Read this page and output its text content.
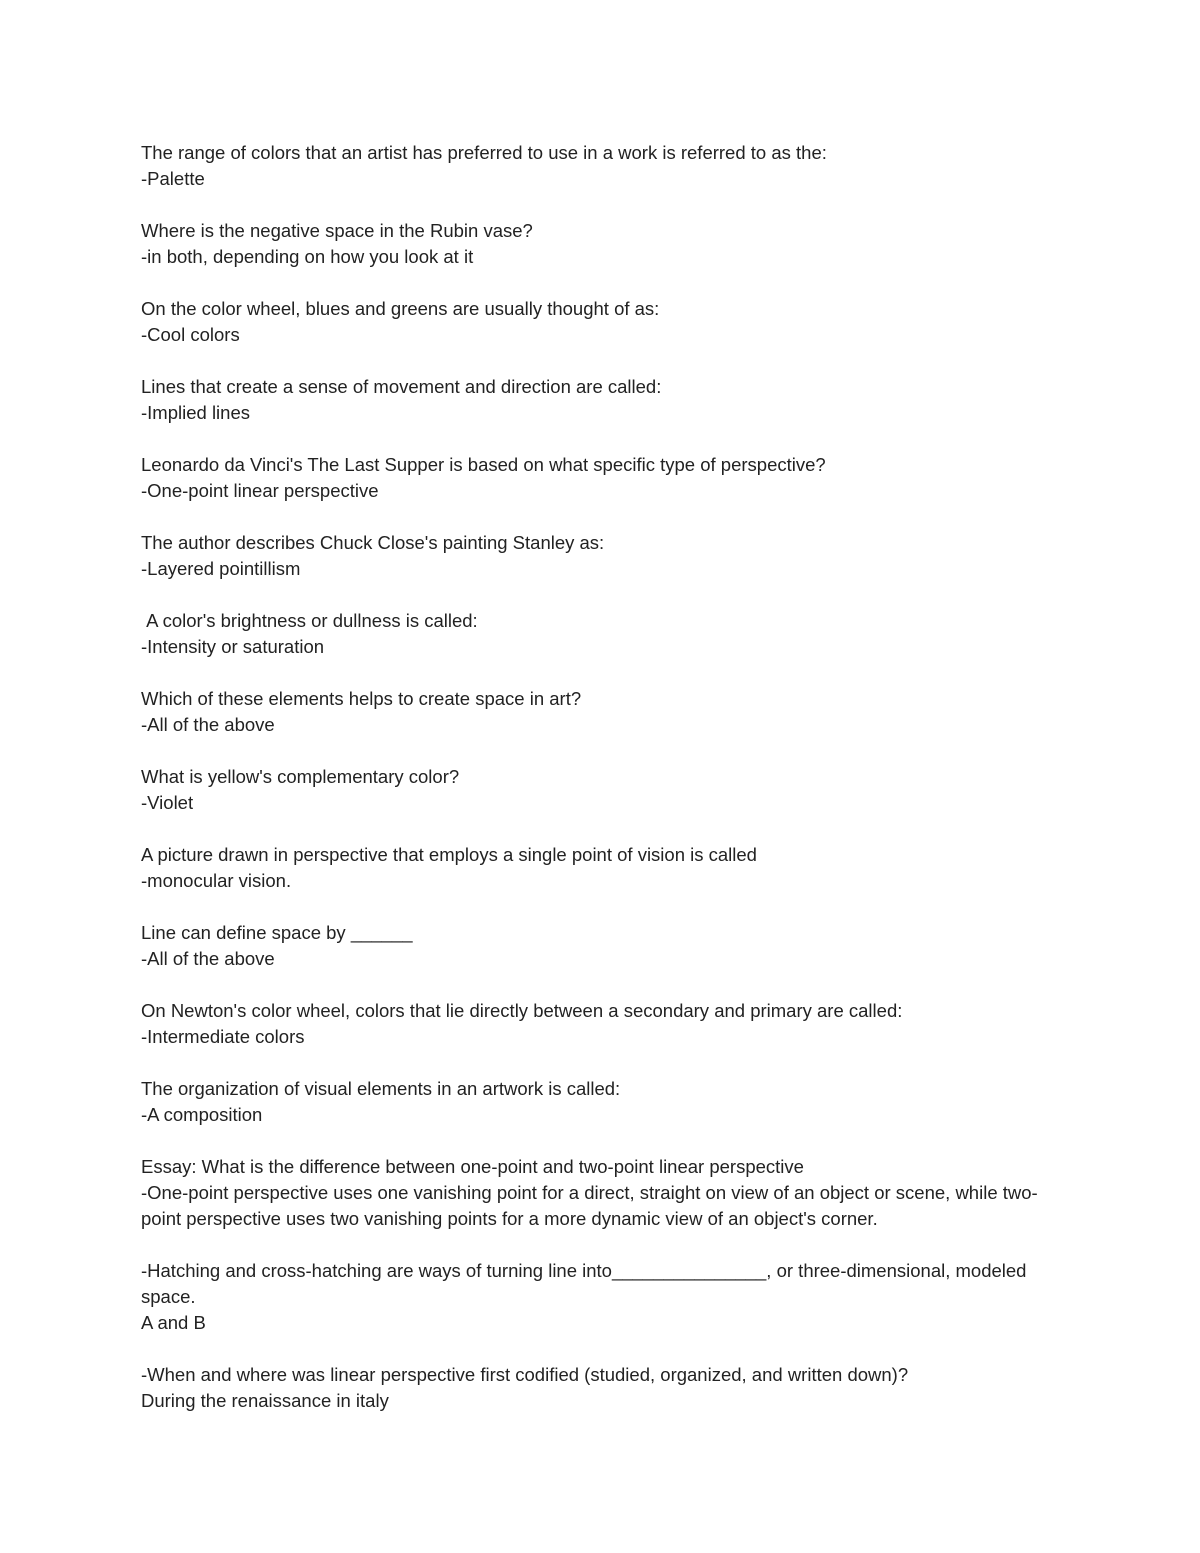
The range of colors that an artist has preferred to use in a work is referred to as the:
-Palette
Where is the negative space in the Rubin vase?
-in both, depending on how you look at it
On the color wheel, blues and greens are usually thought of as:
-Cool colors
Lines that create a sense of movement and direction are called:
-Implied lines
Leonardo da Vinci's The Last Supper is based on what specific type of perspective?
-One-point linear perspective
The author describes Chuck Close's painting Stanley as:
-Layered pointillism
A color's brightness or dullness is called:
-Intensity or saturation
Which of these elements helps to create space in art?
-All of the above
What is yellow's complementary color?
-Violet
A picture drawn in perspective that employs a single point of vision is called
-monocular vision.
Line can define space by ______
-All of the above
On Newton's color wheel, colors that lie directly between a secondary and primary are called:
-Intermediate colors
The organization of visual elements in an artwork is called:
-A composition
Essay: What is the difference between one-point and two-point linear perspective
-One-point perspective uses one vanishing point for a direct, straight on view of an object or scene, while two-point perspective uses two vanishing points for a more dynamic view of an object's corner.
-Hatching and cross-hatching are ways of turning line into_______________, or three-dimensional, modeled space.
A and B
-When and where was linear perspective first codified (studied, organized, and written down)?
During the renaissance in italy
